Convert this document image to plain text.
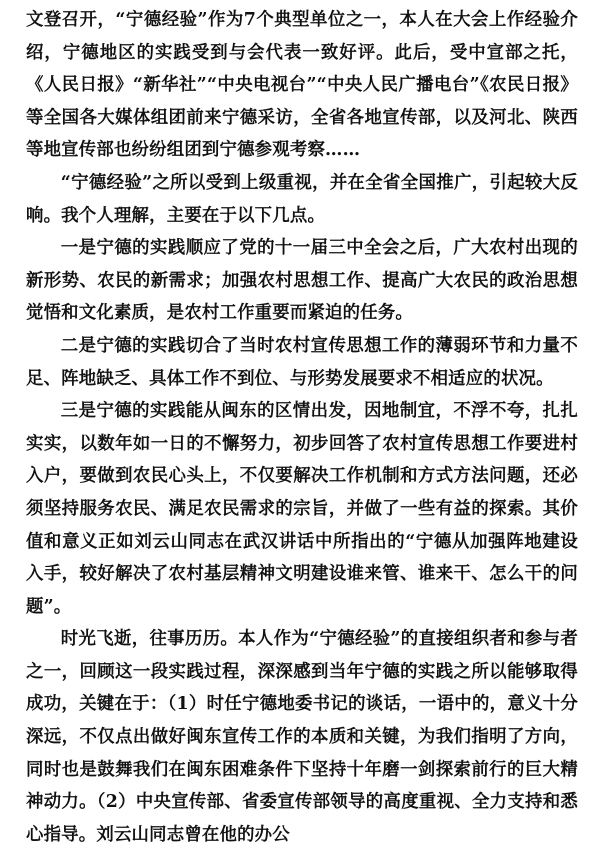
文登召开，“宁德经验”作为7个典型单位之一，本人在大会上作经验介绍，宁德地区的实践受到与会代表一致好评。此后，受中宣部之托，《人民日报》“新华社”“中央电视台”“中央人民广播电台”《农民日报》等全国各大媒体组团前来宁德采访，全省各地宣传部，以及河北、陕西等地宣传部也纷纷组团到宁德参观考察……

“宁德经验”之所以受到上级重视，并在全省全国推广，引起较大反响。我个人理解，主要在于以下几点。

一是宁德的实践顺应了党的十一届三中全会之后，广大农村出现的新形势、农民的新需求；加强农村思想工作、提高广大农民的政治思想觉悟和文化素质，是农村工作重要而紧迫的任务。

二是宁德的实践切合了当时农村宣传思想工作的薄弱环节和力量不足、阵地缺乏、具体工作不到位、与形势发展要求不相适应的状况。

三是宁德的实践能从闽东的区情出发，因地制宜，不浮不夸，扎扎实实，以数年如一日的不懈努力，初步回答了农村宣传思想工作要进村入户，要做到农民心头上，不仅要解决工作机制和方式方法问题，还必须坚持服务农民、满足农民需求的宗旨，并做了一些有益的探索。其价值和意义正如刘云山同志在武汉讲话中所指出的“宁德从加强阵地建设入手，较好解决了农村基层精神文明建设谁来管、谁来干、怎么干的问题”。

时光飞逝，往事历历。本人作为“宁德经验”的直接组织者和参与者之一，回顾这一段实践过程，深深感到当年宁德的实践之所以能够取得成功，关键在于：（1）时任宁德地委书记的谈话，一语中的，意义十分深远，不仅点出做好闽东宣传工作的本质和关键，为我们指明了方向，同时也是鼓舞我们在闽东困难条件下坚持十年磨一剑探索前行的巨大精神动力。（2）中央宣传部、省委宣传部领导的高度重视、全力支持和悉心指导。刘云山同志曾在他的办公
